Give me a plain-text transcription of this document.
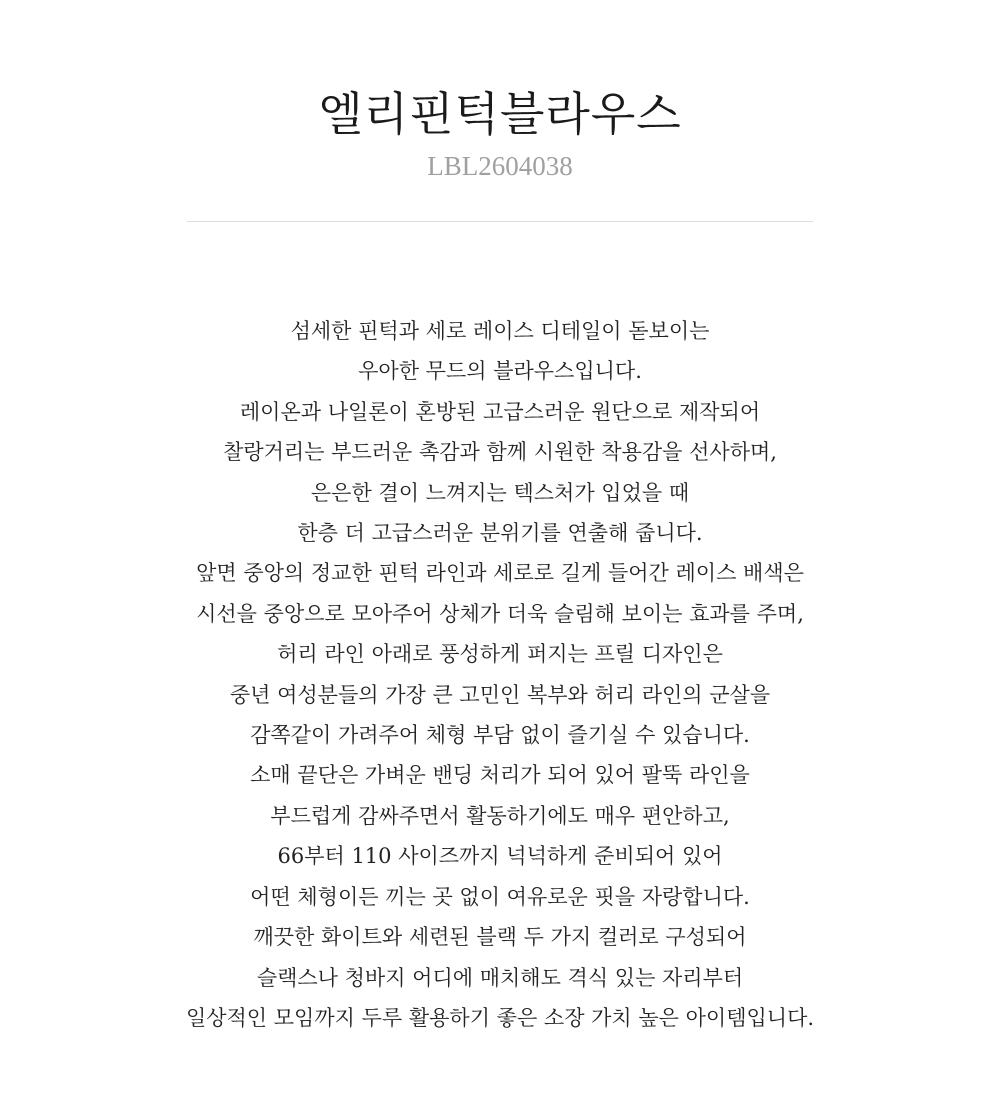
엘리핀턱블라우스
LBL2604038
섬세한 핀턱과 세로 레이스 디테일이 돋보이는
우아한 무드의 블라우스입니다.
레이온과 나일론이 혼방된 고급스러운 원단으로 제작되어
찰랑거리는 부드러운 촉감과 함께 시원한 착용감을 선사하며,
은은한 결이 느껴지는 텍스처가 입었을 때
한층 더 고급스러운 분위기를 연출해 줍니다.
앞면 중앙의 정교한 핀턱 라인과 세로로 길게 들어간 레이스 배색은
시선을 중앙으로 모아주어 상체가 더욱 슬림해 보이는 효과를 주며,
허리 라인 아래로 풍성하게 퍼지는 프릴 디자인은
중년 여성분들의 가장 큰 고민인 복부와 허리 라인의 군살을
감쪽같이 가려주어 체형 부담 없이 즐기실 수 있습니다.
소매 끝단은 가벼운 밴딩 처리가 되어 있어 팔뚝 라인을
부드럽게 감싸주면서 활동하기에도 매우 편안하고,
66부터 110 사이즈까지 넉넉하게 준비되어 있어
어떤 체형이든 끼는 곳 없이 여유로운 핏을 자랑합니다.
깨끗한 화이트와 세련된 블랙 두 가지 컬러로 구성되어
슬랙스나 청바지 어디에 매치해도 격식 있는 자리부터
일상적인 모임까지 두루 활용하기 좋은 소장 가치 높은 아이템입니다.
